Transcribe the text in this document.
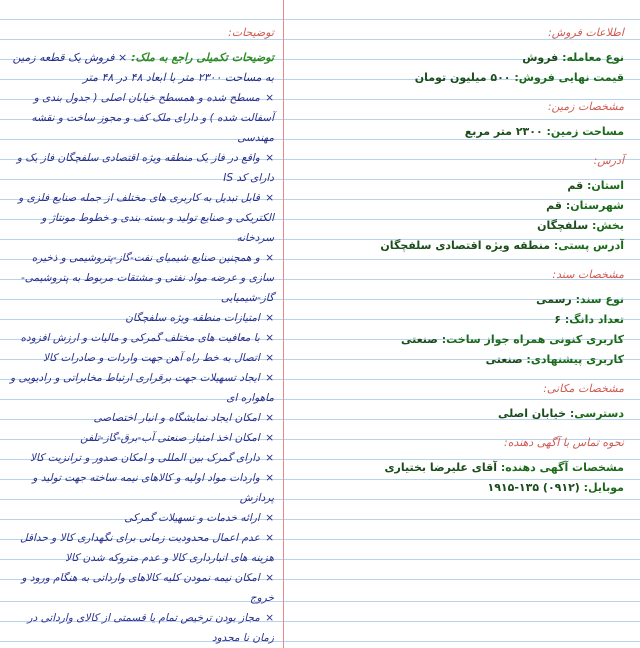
اطلاعات فروش:
نوع معامله: فروش
قیمت نهایی فروش: ۵۰۰ میلیون تومان
مشخصات زمین:
مساحت زمین: ۲۳۰۰ متر مربع
آدرس:
استان: قم
شهرستان: قم
بخش: سلفچگان
آدرس پستی: منطقه ویژه اقتصادی سلفچگان
مشخصات سند:
نوع سند: رسمی
تعداد دانگ: ۶
کاربری کنونی همراه جواز ساخت: صنعتی
کاربری پیشنهادی: صنعتی
مشخصات مکانی:
دسترسی: خیابان اصلی
نحوه تماس با آگهی دهنده:
مشخصات آگهی دهنده: آقای علیرضا بختیاری
موبایل: (۰۹۱۲) ۱۳۵-۱۹۱۵
توضیحات:
توضیحات تکمیلی راجع به ملک: × فروش یک قطعه زمین به مساحت ۲۳۰۰ متر با ابعاد ۴۸ در ۴۸ متر
× مسطح شده و همسطح خیابان اصلی ( جدول بندی و آسفالت شده ) و دارای ملک کف و مجوز ساخت و نقشه مهندسی
× واقع در فاز یک منطقه ویژه اقتصادی سلفچگان فاز یک و دارای کد IS
× قابل تبدیل به کاربری های مختلف از جمله صنایع فلزی و الکتریکی و صنایع تولید و بسته بندی و خطوط مونتاژ و سردخانه
× و همچنین صنایع شیمیای نفت-گاز-پتروشیمی و ذخیره سازی و عرضه مواد نفتی و مشتقات مربوط به پتروشیمی-گاز-شیمیایی
× امتیازات منطقه ویژه سلفچگان
× با معافیت های مختلف گمرکی و مالیات و ارزش افزوده
× اتصال به خط راه آهن جهت واردات و صادرات کالا
× ایجاد تسهیلات جهت برقراری ارتباط مخابراتی و رادیویی و ماهواره ای
× امکان ایجاد نمایشگاه و انبار اختصاصی
× امکان اخذ امتیاز صنعتی آب-برق-گاز-تلفن
× دارای گمرک بین المللی و امکان صدور و ترانزیت کالا
× واردات مواد اولیه و کالاهای نیمه ساخته جهت تولید و پردازش
× ارائه خدمات و تسهیلات گمرکی
× عدم اعمال محدودیت زمانی برای نگهداری کالا و حداقل هزینه های انبارداری کالا و عدم متروکه شدن کالا
× امکان نیمه نمودن کلیه کالاهای وارداتی به هنگام ورود و خروج
× مجاز بودن ترخیص تمام یا قسمتی از کالای وارداتی در زمان نا محدود
